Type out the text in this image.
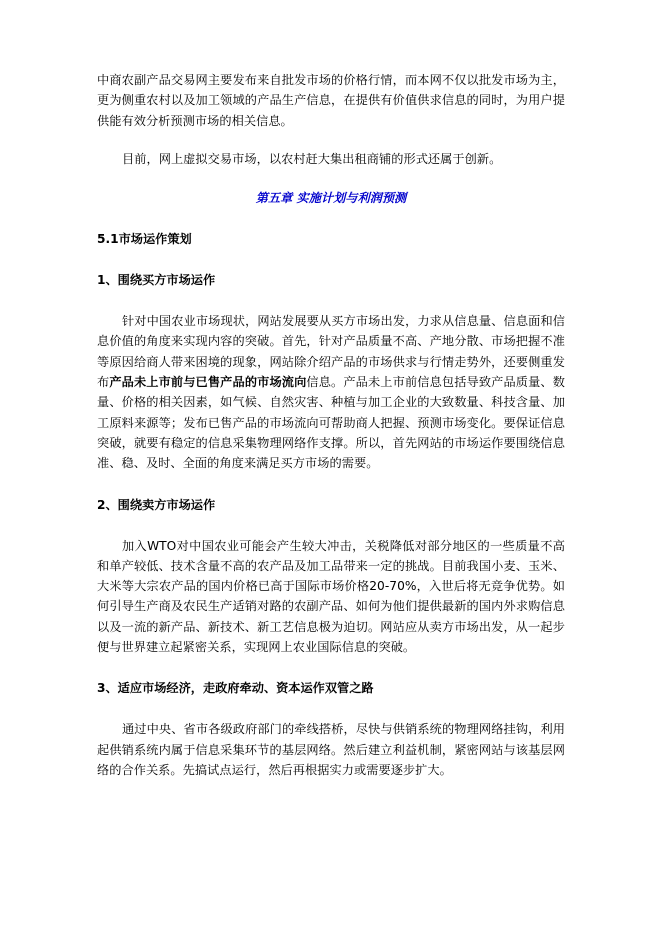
中商农副产品交易网主要发布来自批发市场的价格行情，而本网不仅以批发市场为主，更为侧重农村以及加工领域的产品生产信息，在提供有价值供求信息的同时，为用户提供能有效分析预测市场的相关信息。

目前，网上虚拟交易市场，以农村赶大集出租商铺的形式还属于创新。

第五章 实施计划与利润预测
5.1市场运作策划
1、围绕买方市场运作

针对中国农业市场现状，网站发展要从买方市场出发，力求从信息量、信息面和信息价值的角度来实现内容的突破。首先，针对产品质量不高、产地分散、市场把握不准等原因给商人带来困境的现象，网站除介绍产品的市场供求与行情走势外，还要侧重发布产品未上市前与已售产品的市场流向信息。产品未上市前信息包括导致产品质量、数量、价格的相关因素，如气候、自然灾害、种植与加工企业的大致数量、科技含量、加工原料来源等；发布已售产品的市场流向可帮助商人把握、预测市场变化。要保证信息突破，就要有稳定的信息采集物理网络作支撑。所以，首先网站的市场运作要围绕信息准、稳、及时、全面的角度来满足买方市场的需要。

2、围绕卖方市场运作

加入WTO对中国农业可能会产生较大冲击，关税降低对部分地区的一些质量不高和单产较低、技术含量不高的农产品及加工品带来一定的挑战。目前我国小麦、玉米、大米等大宗农产品的国内价格已高于国际市场价格20-70%，入世后将无竞争优势。如何引导生产商及农民生产适销对路的农副产品、如何为他们提供最新的国内外求购信息以及一流的新产品、新技术、新工艺信息极为迫切。网站应从卖方市场出发，从一起步便与世界建立起紧密关系，实现网上农业国际信息的突破。

3、适应市场经济，走政府牵动、资本运作双管之路

通过中央、省市各级政府部门的牵线搭桥，尽快与供销系统的物理网络挂钩，利用起供销系统内属于信息采集环节的基层网络。然后建立利益机制，紧密网站与该基层网络的合作关系。先搞试点运行，然后再根据实力或需要逐步扩大。
